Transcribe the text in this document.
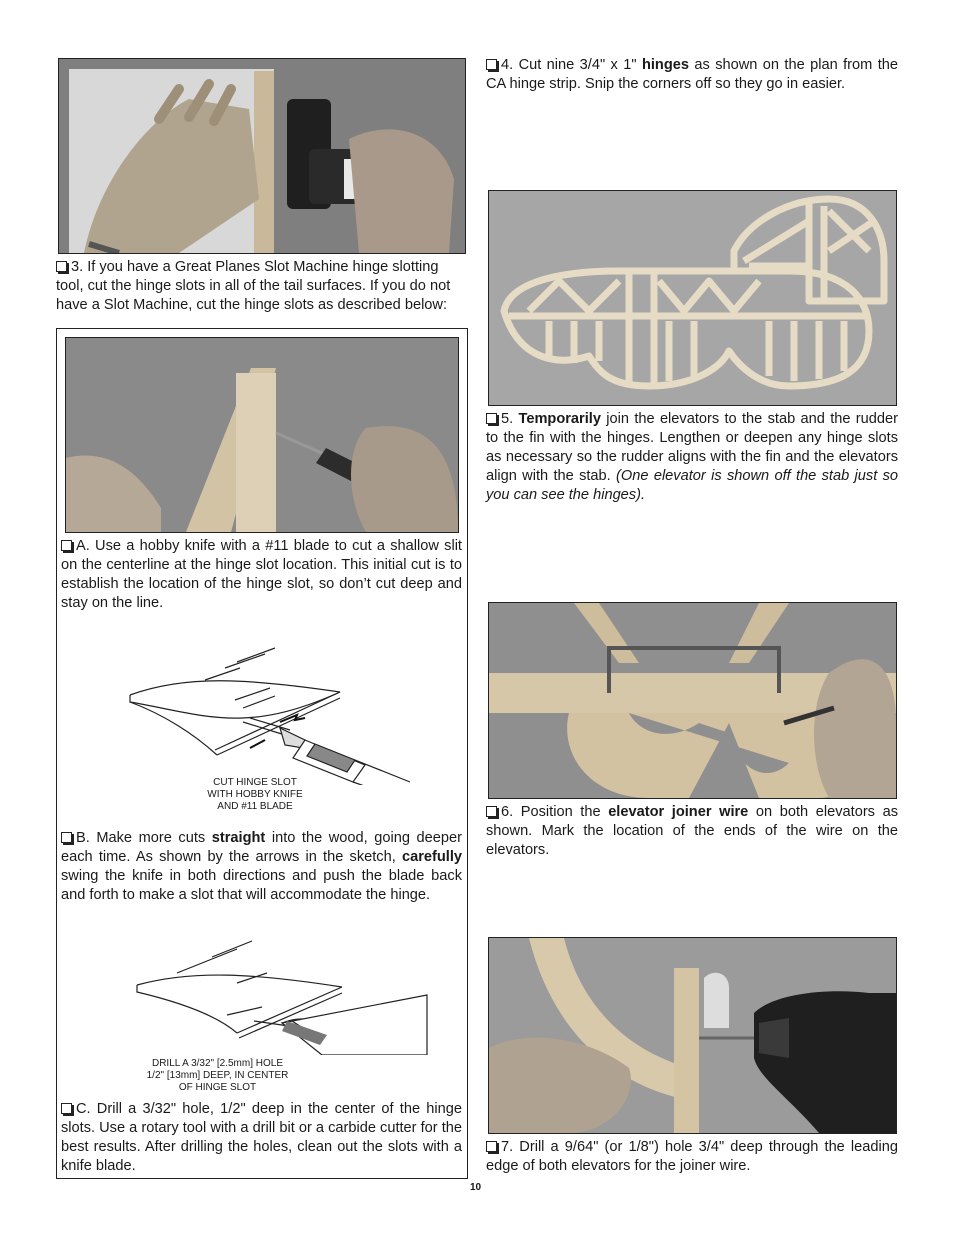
3. If you have a Great Planes Slot Machine hinge slotting tool, cut the hinge slots in all of the tail surfaces. If you do not have a Slot Machine, cut the hinge slots as described below:

A. Use a hobby knife with a #11 blade to cut a shallow slit on the centerline at the hinge slot location. This initial cut is to establish the location of the hinge slot, so don’t cut deep and stay on the line.

CUT HINGE SLOT
WITH HOBBY KNIFE
AND #11 BLADE

B. Make more cuts straight into the wood, going deeper each time. As shown by the arrows in the sketch, carefully swing the knife in both directions and push the blade back and forth to make a slot that will accommodate the hinge.

DRILL A 3/32" [2.5mm] HOLE
1/2" [13mm] DEEP, IN CENTER
OF HINGE SLOT

C. Drill a 3/32" hole, 1/2" deep in the center of the hinge slots. Use a rotary tool with a drill bit or a carbide cutter for the best results. After drilling the holes, clean out the slots with a knife blade.

4. Cut nine 3/4" x 1" hinges as shown on the plan from the CA hinge strip. Snip the corners off so they go in easier.

5. Temporarily join the elevators to the stab and the rudder to the fin with the hinges. Lengthen or deepen any hinge slots as necessary so the rudder aligns with the fin and the elevators align with the stab. (One elevator is shown off the stab just so you can see the hinges).

6. Position the elevator joiner wire on both elevators as shown. Mark the location of the ends of the wire on the elevators.

7. Drill a 9/64" (or 1/8") hole 3/4" deep through the leading edge of both elevators for the joiner wire.

10
